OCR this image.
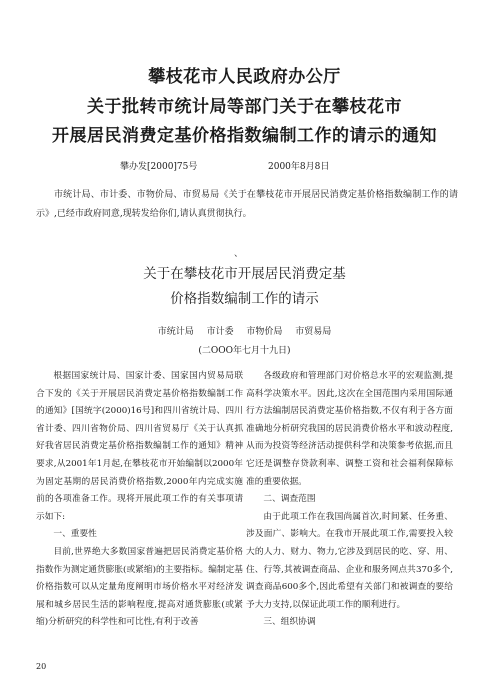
攀枝花市人民政府办公厅
关于批转市统计局等部门关于在攀枝花市
开展居民消费定基价格指数编制工作的请示的通知
攀办发[2000]75号	2000年8月8日
市统计局、市计委、市物价局、市贸易局《关于在攀枝花市开展居民消费定基价格指数编制工作的请示》,已经市政府同意,现转发给你们,请认真贯彻执行。
、
关于在攀枝花市开展居民消费定基
价格指数编制工作的请示
市统计局 市计委 市物价局 市贸易局
(二OOO年七月十九日)

根据国家统计局、国家计委、国家国内贸易局联合下发的《关于开展居民消费定基价格指数编制工作的通知》[国统字(2000)16号]和四川省统计局、四川省计委、四川省物价局、四川省贸易厅《关于认真抓好我省居民消费定基价格指数编制工作的通知》精神要求,从2001年1月起,在攀枝花市开始编制以2000年为固定基期的居民消费价格指数,2000年内完成实施前的各项准备工作。现将开展此项工作的有关事项请示如下:

一、重要性

目前,世界绝大多数国家普遍把居民消费定基价格指数作为测定通货膨胀(或紧缩)的主要指标。编制定基价格指数可以从定量角度阐明市场价格水平对经济发展和城乡居民生活的影响程度,提高对通货膨胀(或紧缩)分析研究的科学性和可比性,有利于改善

各级政府和管理部门对价格总水平的宏观监测,提高科学决策水平。因此,这次在全国范围内采用国际通行方法编制居民消费定基价格指数,不仅有利于各方面准确地分析研究我国的居民消费价格水平和波动程度,从而为投资等经济活动提供科学和决策参考依据,而且它还是调整存贷款利率、调整工资和社会福利保障标准的重要依据。

二、调查范围

由于此项工作在我国尚属首次,时间紧、任务重、涉及面广、影响大。在我市开展此项工作,需要投入较大的人力、财力、物力,它涉及到居民的吃、穿、用、住、行等,其被调查商品、企业和服务网点共370多个,调查商品600多个,因此希望有关部门和被调查的要给予大力支持,以保证此项工作的顺利进行。

三、组织协调

20
